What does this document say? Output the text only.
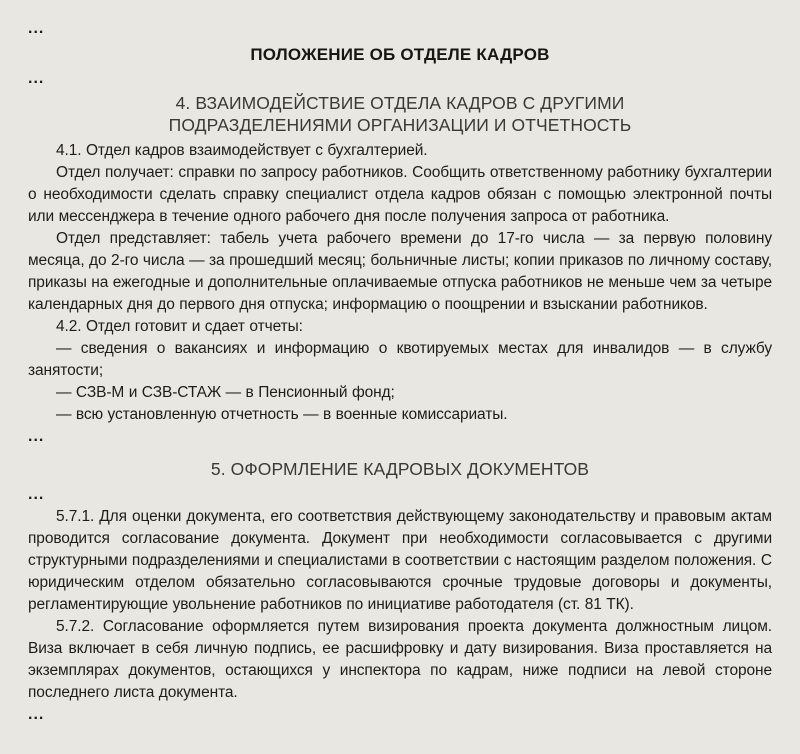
...
ПОЛОЖЕНИЕ ОБ ОТДЕЛЕ КАДРОВ
...
4. ВЗАИМОДЕЙСТВИЕ ОТДЕЛА КАДРОВ С ДРУГИМИ
ПОДРАЗДЕЛЕНИЯМИ ОРГАНИЗАЦИИ И ОТЧЕТНОСТЬ

4.1. Отдел кадров взаимодействует с бухгалтерией.

Отдел получает: справки по запросу работников. Сообщить ответственному работнику бухгалтерии о необходимости сделать справку специалист отдела кадров обязан с помощью электронной почты или мессенджера в течение одного рабочего дня после получения запроса от работника.

Отдел представляет: табель учета рабочего времени до 17-го числа — за первую половину месяца, до 2-го числа — за прошедший месяц; больничные листы; копии приказов по личному составу, приказы на ежегодные и дополнительные оплачиваемые отпуска работников не меньше чем за четыре календарных дня до первого дня отпуска; информацию о поощрении и взыскании работников.

4.2. Отдел готовит и сдает отчеты:

— сведения о вакансиях и информацию о квотируемых местах для инвалидов — в службу занятости;

— СЗВ-М и СЗВ-СТАЖ — в Пенсионный фонд;

— всю установленную отчетность — в военные комиссариаты.

...
5. ОФОРМЛЕНИЕ КАДРОВЫХ ДОКУМЕНТОВ
...

5.7.1. Для оценки документа, его соответствия действующему законодательству и правовым актам проводится согласование документа. Документ при необходимости согласовывается с другими структурными подразделениями и специалистами в соответствии с настоящим разделом положения. С юридическим отделом обязательно согласовываются срочные трудовые договоры и документы, регламентирующие увольнение работников по инициативе работодателя (ст. 81 ТК).

5.7.2. Согласование оформляется путем визирования проекта документа должностным лицом. Виза включает в себя личную подпись, ее расшифровку и дату визирования. Виза проставляется на экземплярах документов, остающихся у инспектора по кадрам, ниже подписи на левой стороне последнего листа документа.

...
